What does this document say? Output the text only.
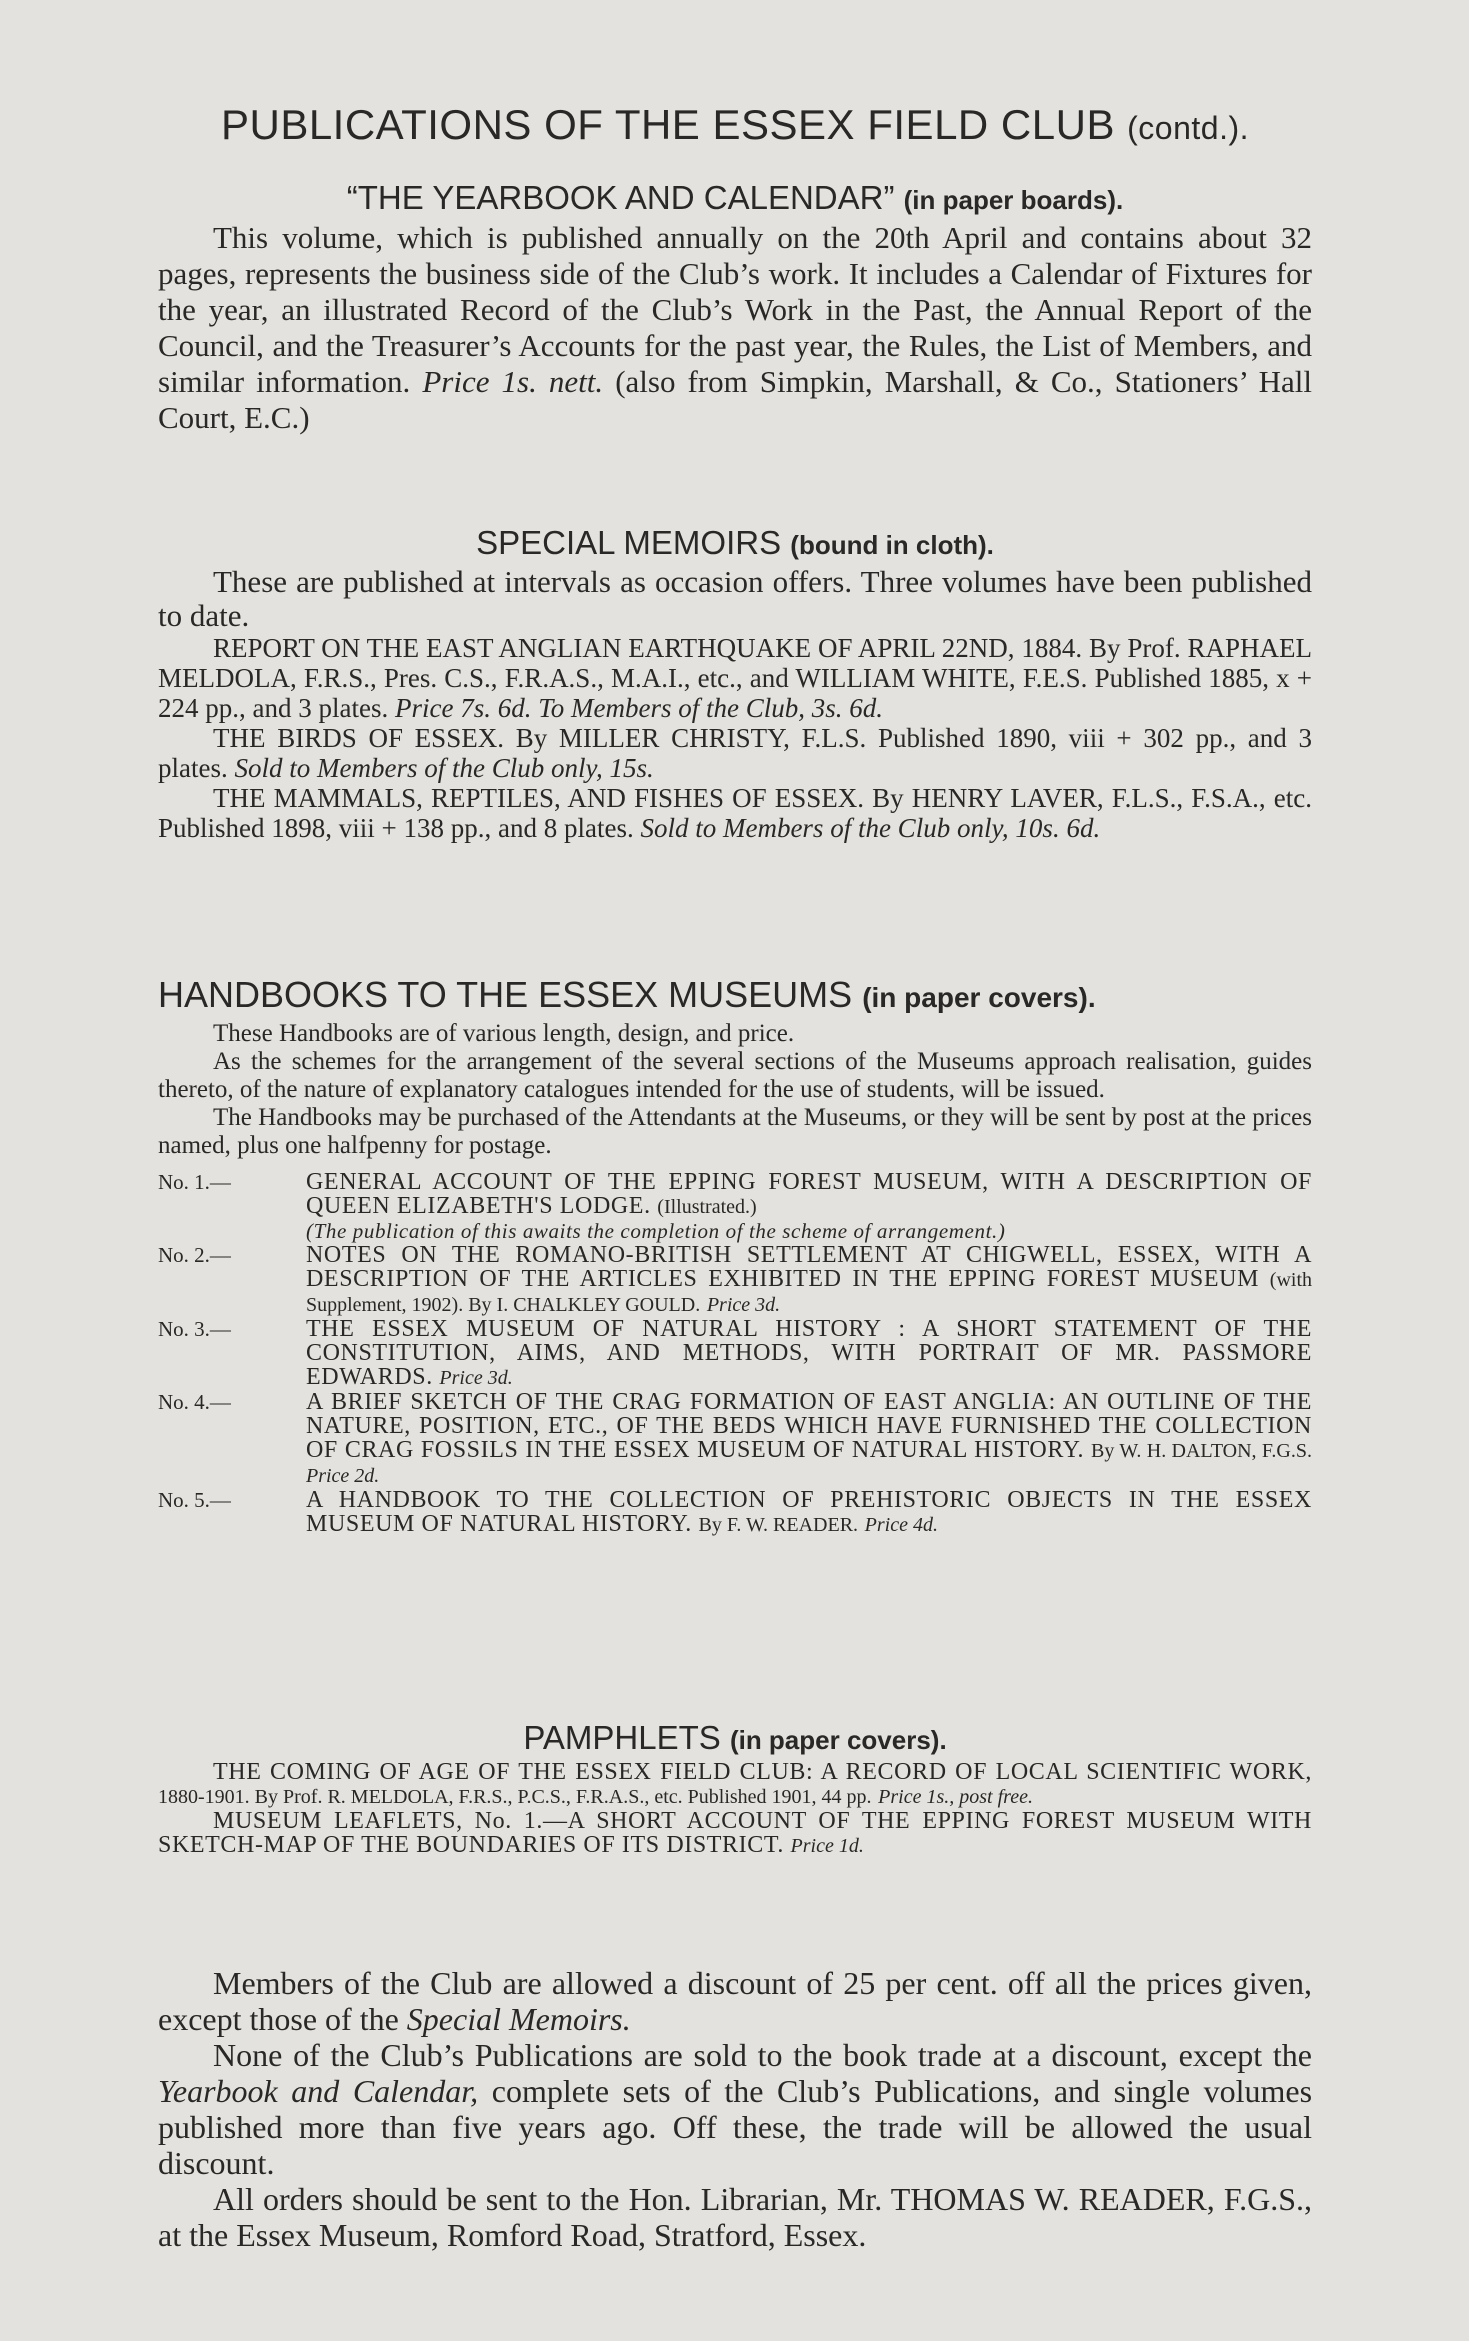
PUBLICATIONS OF THE ESSEX FIELD CLUB (contd.).

“THE YEARBOOK AND CALENDAR” (in paper boards).

This volume, which is published annually on the 20th April and contains about 32 pages, represents the business side of the Club’s work. It includes a Calendar of Fixtures for the year, an illustrated Record of the Club’s Work in the Past, the Annual Report of the Council, and the Treasurer’s Accounts for the past year, the Rules, the List of Members, and similar information. Price 1s. nett. (also from Simpkin, Marshall, & Co., Stationers’ Hall Court, E.C.)

SPECIAL MEMOIRS (bound in cloth).

These are published at intervals as occasion offers. Three volumes have been published to date.

REPORT ON THE EAST ANGLIAN EARTHQUAKE OF APRIL 22ND, 1884. By Prof. RAPHAEL MELDOLA, F.R.S., Pres. C.S., F.R.A.S., M.A.I., etc., and WILLIAM WHITE, F.E.S. Published 1885, x + 224 pp., and 3 plates. Price 7s. 6d. To Members of the Club, 3s. 6d.

THE BIRDS OF ESSEX. By MILLER CHRISTY, F.L.S. Published 1890, viii + 302 pp., and 3 plates. Sold to Members of the Club only, 15s.

THE MAMMALS, REPTILES, AND FISHES OF ESSEX. By HENRY LAVER, F.L.S., F.S.A., etc. Published 1898, viii + 138 pp., and 8 plates. Sold to Members of the Club only, 10s. 6d.

HANDBOOKS TO THE ESSEX MUSEUMS (in paper covers).

These Handbooks are of various length, design, and price.

As the schemes for the arrangement of the several sections of the Museums approach realisation, guides thereto, of the nature of explanatory catalogues intended for the use of students, will be issued.

The Handbooks may be purchased of the Attendants at the Museums, or they will be sent by post at the prices named, plus one halfpenny for postage.

No. 1.—	GENERAL ACCOUNT OF THE EPPING FOREST MUSEUM, WITH A DESCRIPTION OF QUEEN ELIZABETH'S LODGE. (Illustrated.)
(The publication of this awaits the completion of the scheme of arrangement.)
No. 2.—	NOTES ON THE ROMANO-BRITISH SETTLEMENT AT CHIGWELL, ESSEX, WITH A DESCRIPTION OF THE ARTICLES EXHIBITED IN THE EPPING FOREST MUSEUM (with Supplement, 1902). By I. CHALKLEY GOULD. Price 3d.
No. 3.—	THE ESSEX MUSEUM OF NATURAL HISTORY : A SHORT STATEMENT OF THE CONSTITUTION, AIMS, AND METHODS, WITH PORTRAIT OF MR. PASSMORE EDWARDS. Price 3d.
No. 4.—	A BRIEF SKETCH OF THE CRAG FORMATION OF EAST ANGLIA: AN OUTLINE OF THE NATURE, POSITION, ETC., OF THE BEDS WHICH HAVE FURNISHED THE COLLECTION OF CRAG FOSSILS IN THE ESSEX MUSEUM OF NATURAL HISTORY. By W. H. DALTON, F.G.S. Price 2d.
No. 5.—	A HANDBOOK TO THE COLLECTION OF PREHISTORIC OBJECTS IN THE ESSEX MUSEUM OF NATURAL HISTORY. By F. W. READER. Price 4d.

PAMPHLETS (in paper covers).

THE COMING OF AGE OF THE ESSEX FIELD CLUB: A RECORD OF LOCAL SCIENTIFIC WORK, 1880-1901. By Prof. R. MELDOLA, F.R.S., P.C.S., F.R.A.S., etc. Published 1901, 44 pp. Price 1s., post free.

MUSEUM LEAFLETS, No. 1.—A SHORT ACCOUNT OF THE EPPING FOREST MUSEUM WITH SKETCH-MAP OF THE BOUNDARIES OF ITS DISTRICT. Price 1d.

Members of the Club are allowed a discount of 25 per cent. off all the prices given, except those of the Special Memoirs.

None of the Club’s Publications are sold to the book trade at a discount, except the Yearbook and Calendar, complete sets of the Club’s Publications, and single volumes published more than five years ago. Off these, the trade will be allowed the usual discount.

All orders should be sent to the Hon. Librarian, Mr. THOMAS W. READER, F.G.S., at the Essex Museum, Romford Road, Stratford, Essex.
